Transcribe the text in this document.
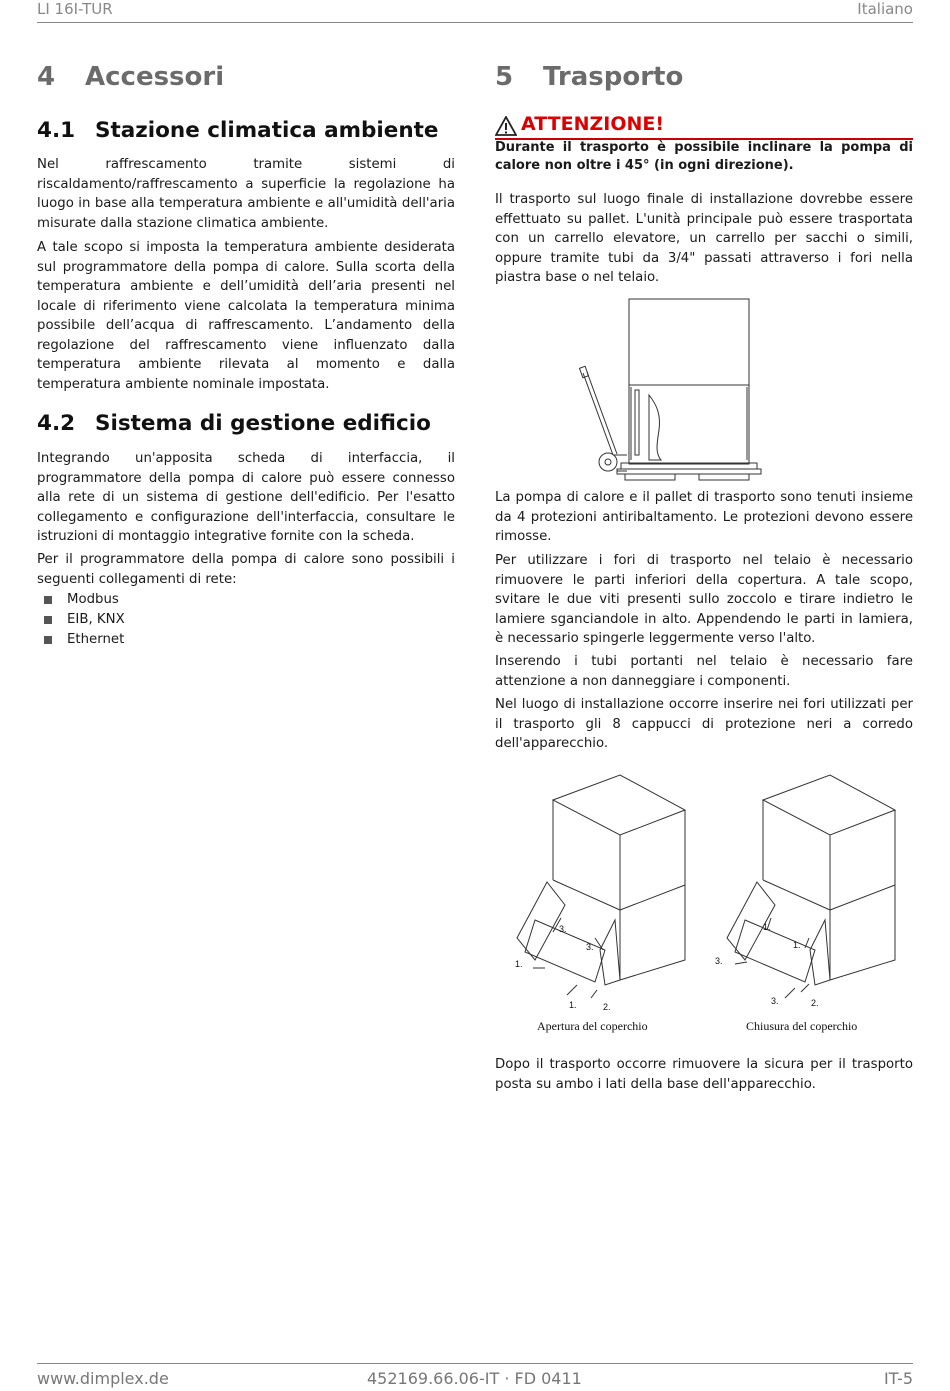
LI 16I-TUR	Italiano
4 Accessori
4.1 Stazione climatica ambiente

Nel raffrescamento tramite sistemi di riscaldamento/raffrescamento a superficie la regolazione ha luogo in base alla temperatura ambiente e all'umidità dell'aria misurate dalla stazione climatica ambiente.

A tale scopo si imposta la temperatura ambiente desiderata sul programmatore della pompa di calore. Sulla scorta della temperatura ambiente e dell’umidità dell’aria presenti nel locale di riferimento viene calcolata la temperatura minima possibile dell’acqua di raffrescamento. L’andamento della regolazione del raffrescamento viene influenzato dalla temperatura ambiente rilevata al momento e dalla temperatura ambiente nominale impostata.

4.2 Sistema di gestione edificio

Integrando un'apposita scheda di interfaccia, il programmatore della pompa di calore può essere connesso alla rete di un sistema di gestione dell'edificio. Per l'esatto collegamento e configurazione dell'interfaccia, consultare le istruzioni di montaggio integrative fornite con la scheda.

Per il programmatore della pompa di calore sono possibili i seguenti collegamenti di rete:

Modbus
EIB, KNX
Ethernet
5 Trasporto
ATTENZIONE!

Durante il trasporto è possibile inclinare la pompa di calore non oltre i 45° (in ogni direzione).

Il trasporto sul luogo finale di installazione dovrebbe essere effettuato su pallet. L'unità principale può essere trasportata con un carrello elevatore, un carrello per sacchi o simili, oppure tramite tubi da 3/4" passati attraverso i fori nella piastra base o nel telaio.

La pompa di calore e il pallet di trasporto sono tenuti insieme da 4 protezioni antiribaltamento. Le protezioni devono essere rimosse.

Per utilizzare i fori di trasporto nel telaio è necessario rimuovere le parti inferiori della copertura. A tale scopo, svitare le due viti presenti sullo zoccolo e tirare indietro le lamiere sganciandole in alto. Appendendo le parti in lamiera, è necessario spingerle leggermente verso l'alto.

Inserendo i tubi portanti nel telaio è necessario fare attenzione a non danneggiare i componenti.

Nel luogo di installazione occorre inserire nei fori utilizzati per il trasporto gli 8 cappucci di protezione neri a corredo dell'apparecchio.

3.
3.
1.
1.	2.
1.
1.
3.
3.	2.
Apertura del coperchio	Chiusura del coperchio

Dopo il trasporto occorre rimuovere la sicura per il trasporto posta su ambo i lati della base dell'apparecchio.

www.dimplex.de	452169.66.06-IT · FD 0411	IT-5
